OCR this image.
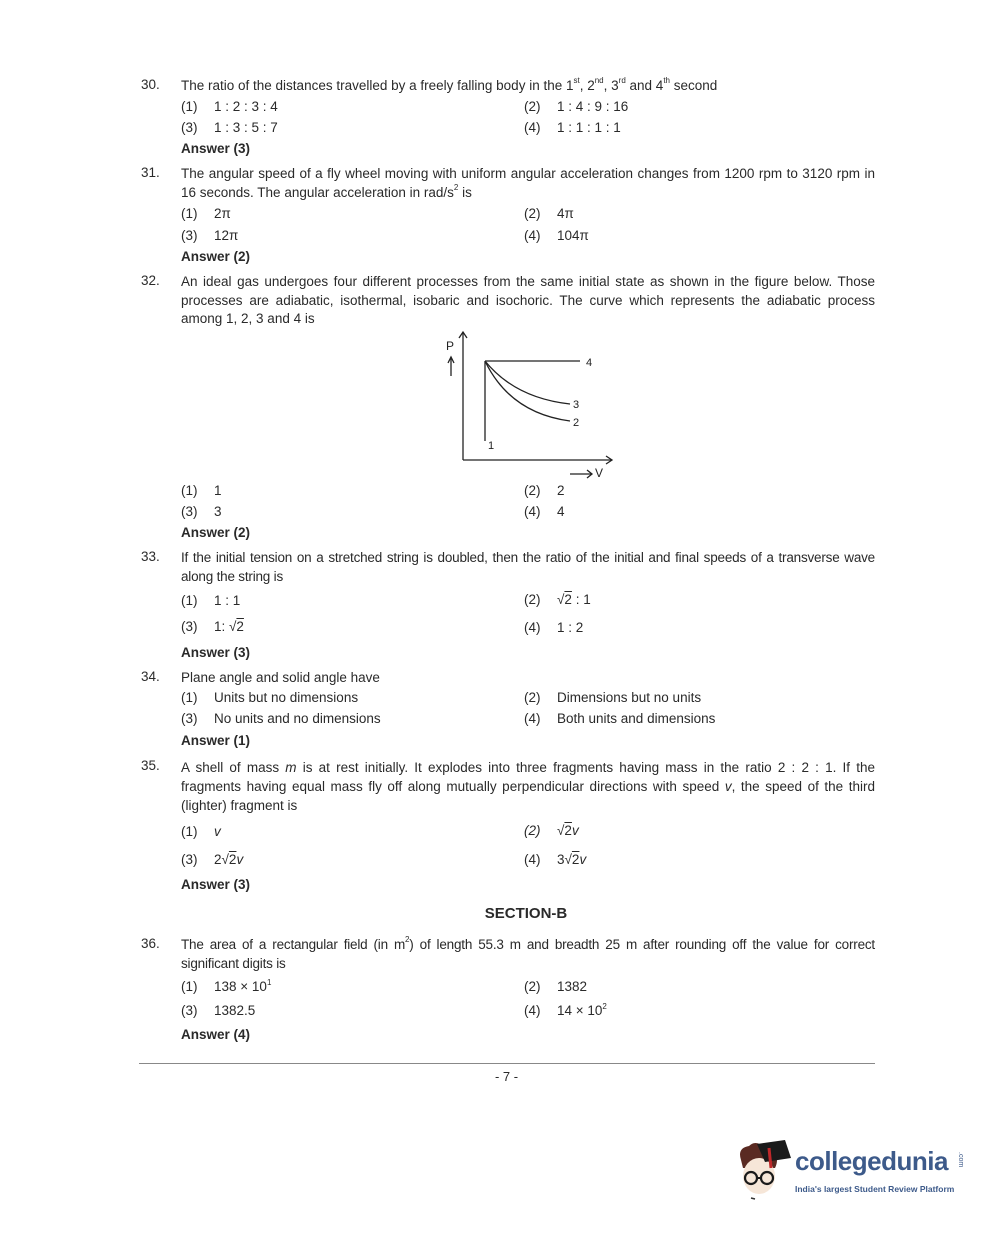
30.	The ratio of the distances travelled by a freely falling body in the 1st, 2nd, 3rd and 4th second
(1) 1 : 2 : 3 : 4	(2) 1 : 4 : 9 : 16
(3) 1 : 3 : 5 : 7	(4) 1 : 1 : 1 : 1
Answer (3)
31.	The angular speed of a fly wheel moving with uniform angular acceleration changes from 1200 rpm to 3120 rpm in 16 seconds. The angular acceleration in rad/$s^2$ is
(1) 2π	(2) 4π
(3) 12π	(4) 104π
Answer (2)
32.	An ideal gas undergoes four different processes from the same initial state as shown in the figure below. Those processes are adiabatic, isothermal, isobaric and isochoric. The curve which represents the adiabatic process among 1, 2, 3 and 4 is
(1) 1	(2) 2
(3) 3	(4) 4
Answer (2)
P
V
1
2
3
4
33.	If the initial tension on a stretched string is doubled, then the ratio of the initial and final speeds of a transverse wave along the string is
(1) 1 : 1	(2) √2 : 1
(3) 1: √2	(4) 1 : 2
Answer (3)
34.	Plane angle and solid angle have
(1) Units but no dimensions	(2) Dimensions but no units
(3) No units and no dimensions	(4) Both units and dimensions
Answer (1)
35.	A shell of mass m is at rest initially. It explodes into three fragments having mass in the ratio 2 : 2 : 1. If the fragments having equal mass fly off along mutually perpendicular directions with speed v, the speed of the third (lighter) fragment is
(1) v	(2) √2v
(3) 2√2v	(4) 3√2v
Answer (3)
SECTION-B
36.	The area of a rectangular field (in $m^2$) of length 55.3 m and breadth 25 m after rounding off the value for correct significant digits is
(1) $138 \times 10^1$	(2) 1382
(3) 1382.5	(4) $14 \times 10^2$
Answer (4)
- 7 -
collegedunia .com
India's largest Student Review Platform
